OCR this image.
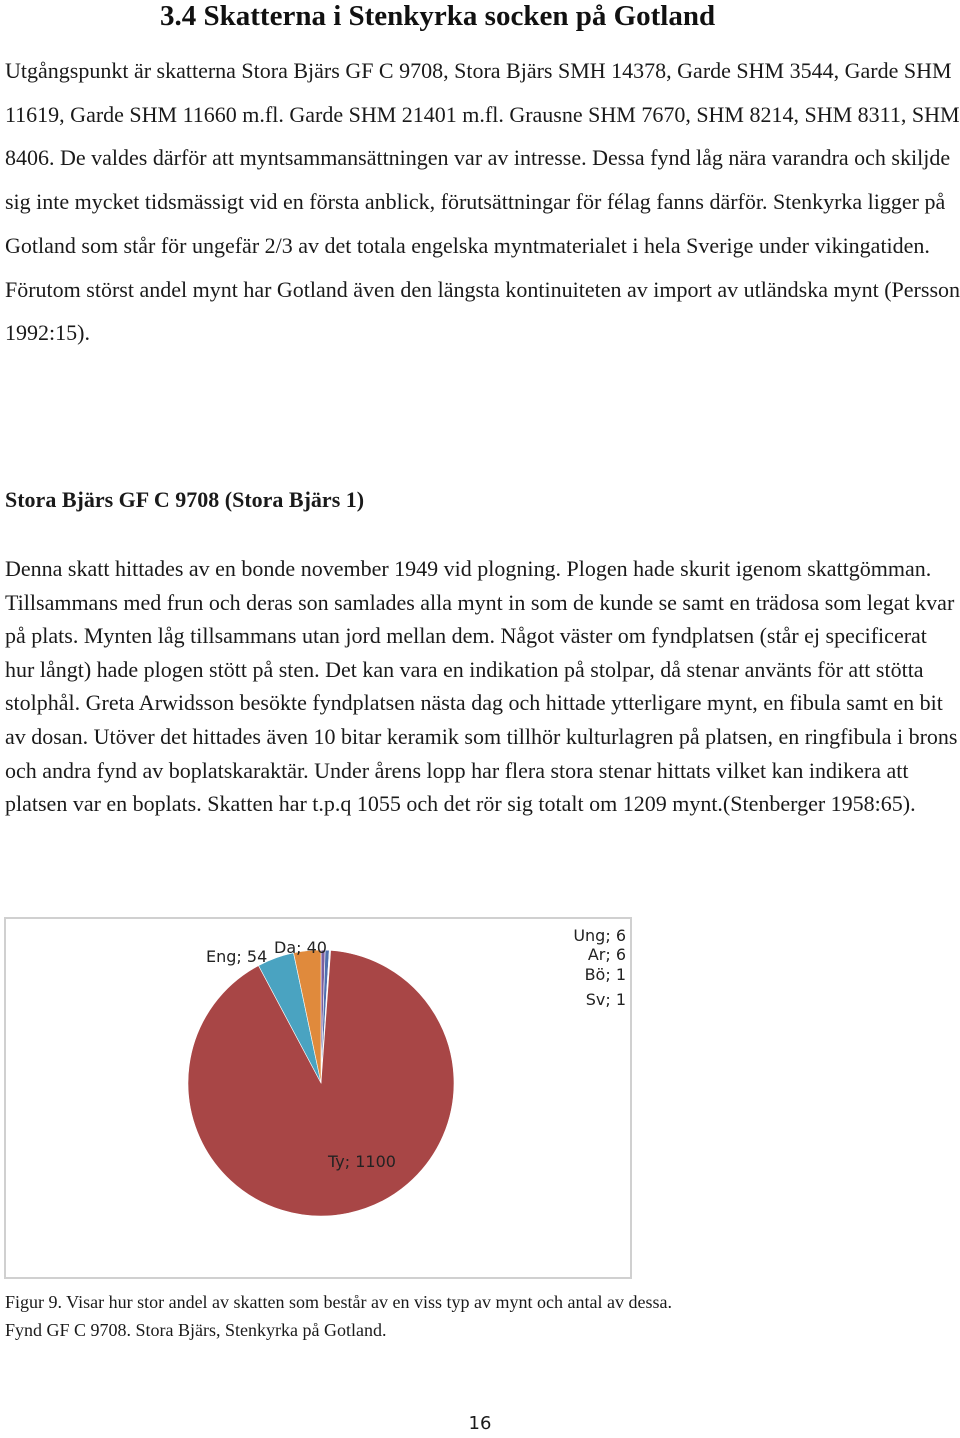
3.4 Skatterna i Stenkyrka socken på Gotland

Utgångspunkt är skatterna Stora Bjärs GF C 9708, Stora Bjärs SMH 14378, Garde SHM 3544, Garde SHM 11619, Garde SHM 11660 m.fl. Garde SHM 21401 m.fl. Grausne SHM 7670, SHM 8214, SHM 8311, SHM 8406. De valdes därför att myntsammansättningen var av intresse. Dessa fynd låg nära varandra och skiljde sig inte mycket tidsmässigt vid en första anblick, förutsättningar för félag fanns därför. Stenkyrka ligger på Gotland som står för ungefär 2/3 av det totala engelska myntmaterialet i hela Sverige under vikingatiden. Förutom störst andel mynt har Gotland även den längsta kontinuiteten av import av utländska mynt (Persson 1992:15).

Stora Bjärs GF C 9708 (Stora Bjärs 1)

Denna skatt hittades av en bonde november 1949 vid plogning. Plogen hade skurit igenom skattgömman. Tillsammans med frun och deras son samlades alla mynt in som de kunde se samt en trädosa som legat kvar på plats. Mynten låg tillsammans utan jord mellan dem. Något väster om fyndplatsen (står ej specificerat hur långt) hade plogen stött på sten. Det kan vara en indikation på stolpar, då stenar använts för att stötta stolphål. Greta Arwidsson besökte fyndplatsen nästa dag och hittade ytterligare mynt, en fibula samt en bit av dosan. Utöver det hittades även 10 bitar keramik som tillhör kulturlagren på platsen, en ringfibula i brons och andra fynd av boplatskaraktär. Under årens lopp har flera stora stenar hittats vilket kan indikera att platsen var en boplats. Skatten har t.p.q 1055 och det rör sig totalt om 1209 mynt.(Stenberger 1958:65).

Ty; 1100
Eng; 54 Da; 40
Ung; 6
Ar; 6
Bö; 1
Sv; 1

Figur 9. Visar hur stor andel av skatten som består av en viss typ av mynt och antal av dessa. Fynd GF C 9708. Stora Bjärs, Stenkyrka på Gotland.

16
